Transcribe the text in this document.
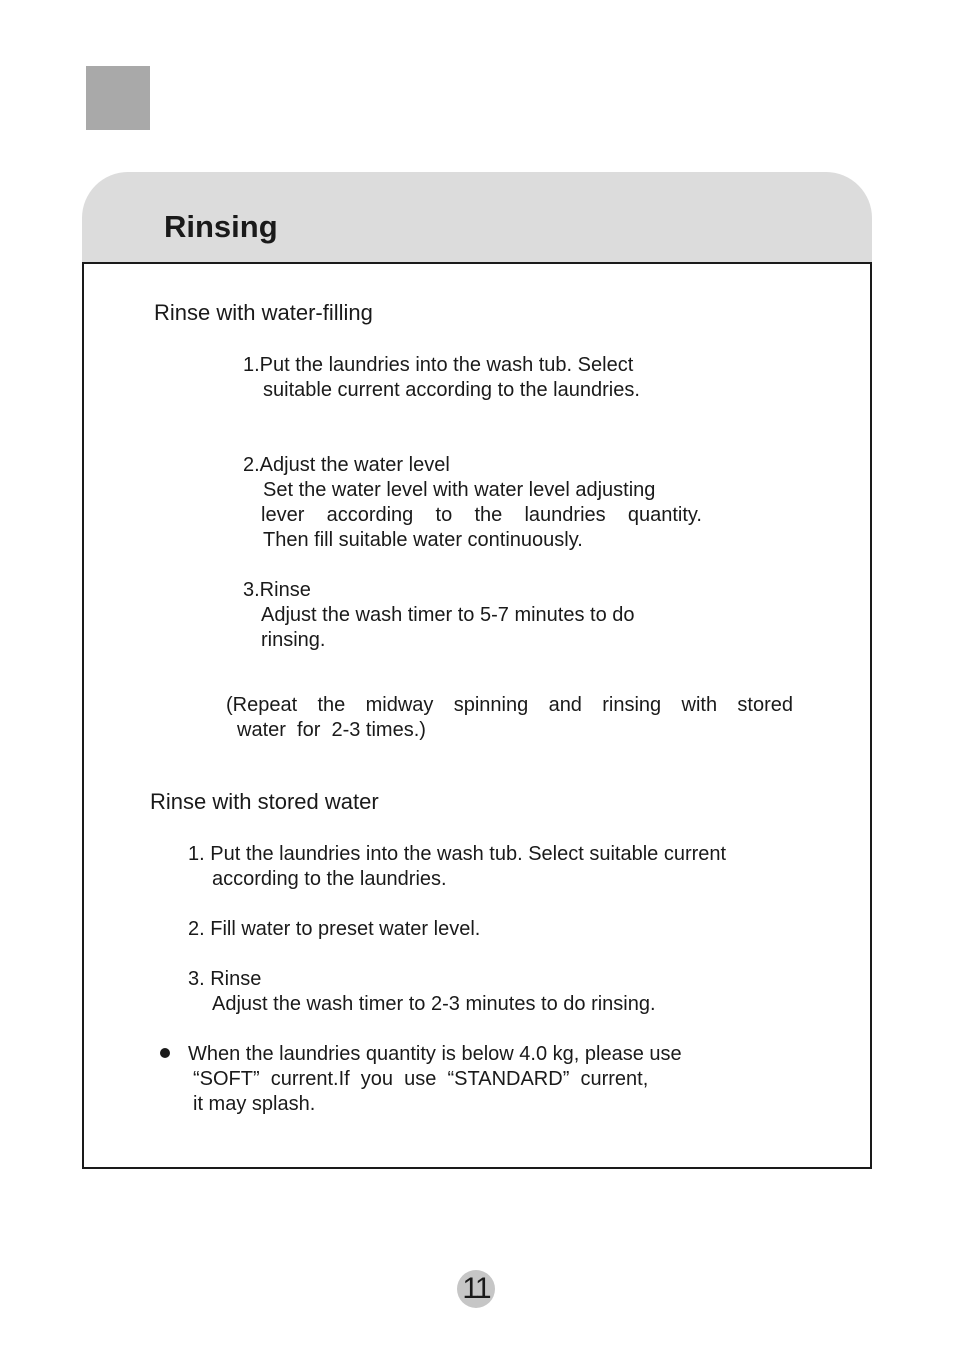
Rinsing

Rinse with water-filling

1.Put the laundries into the wash tub. Select

suitable current according to the laundries.

2.Adjust the water level

Set the water level with water level adjusting

lever according to the laundries quantity.

Then fill suitable water continuously.

3.Rinse

Adjust the wash timer to 5-7 minutes to do

rinsing.

(Repeat the midway spinning and rinsing with stored

water  for  2-3 times.)

Rinse with stored water

1. Put the laundries into the wash tub. Select suitable current

according to the laundries.

2. Fill water to preset water level.

3. Rinse

Adjust the wash timer to 2-3 minutes to do rinsing.

When the laundries quantity is below 4.0 kg, please use

“SOFT”  current.If  you  use  “STANDARD”  current,

it may splash.

11
